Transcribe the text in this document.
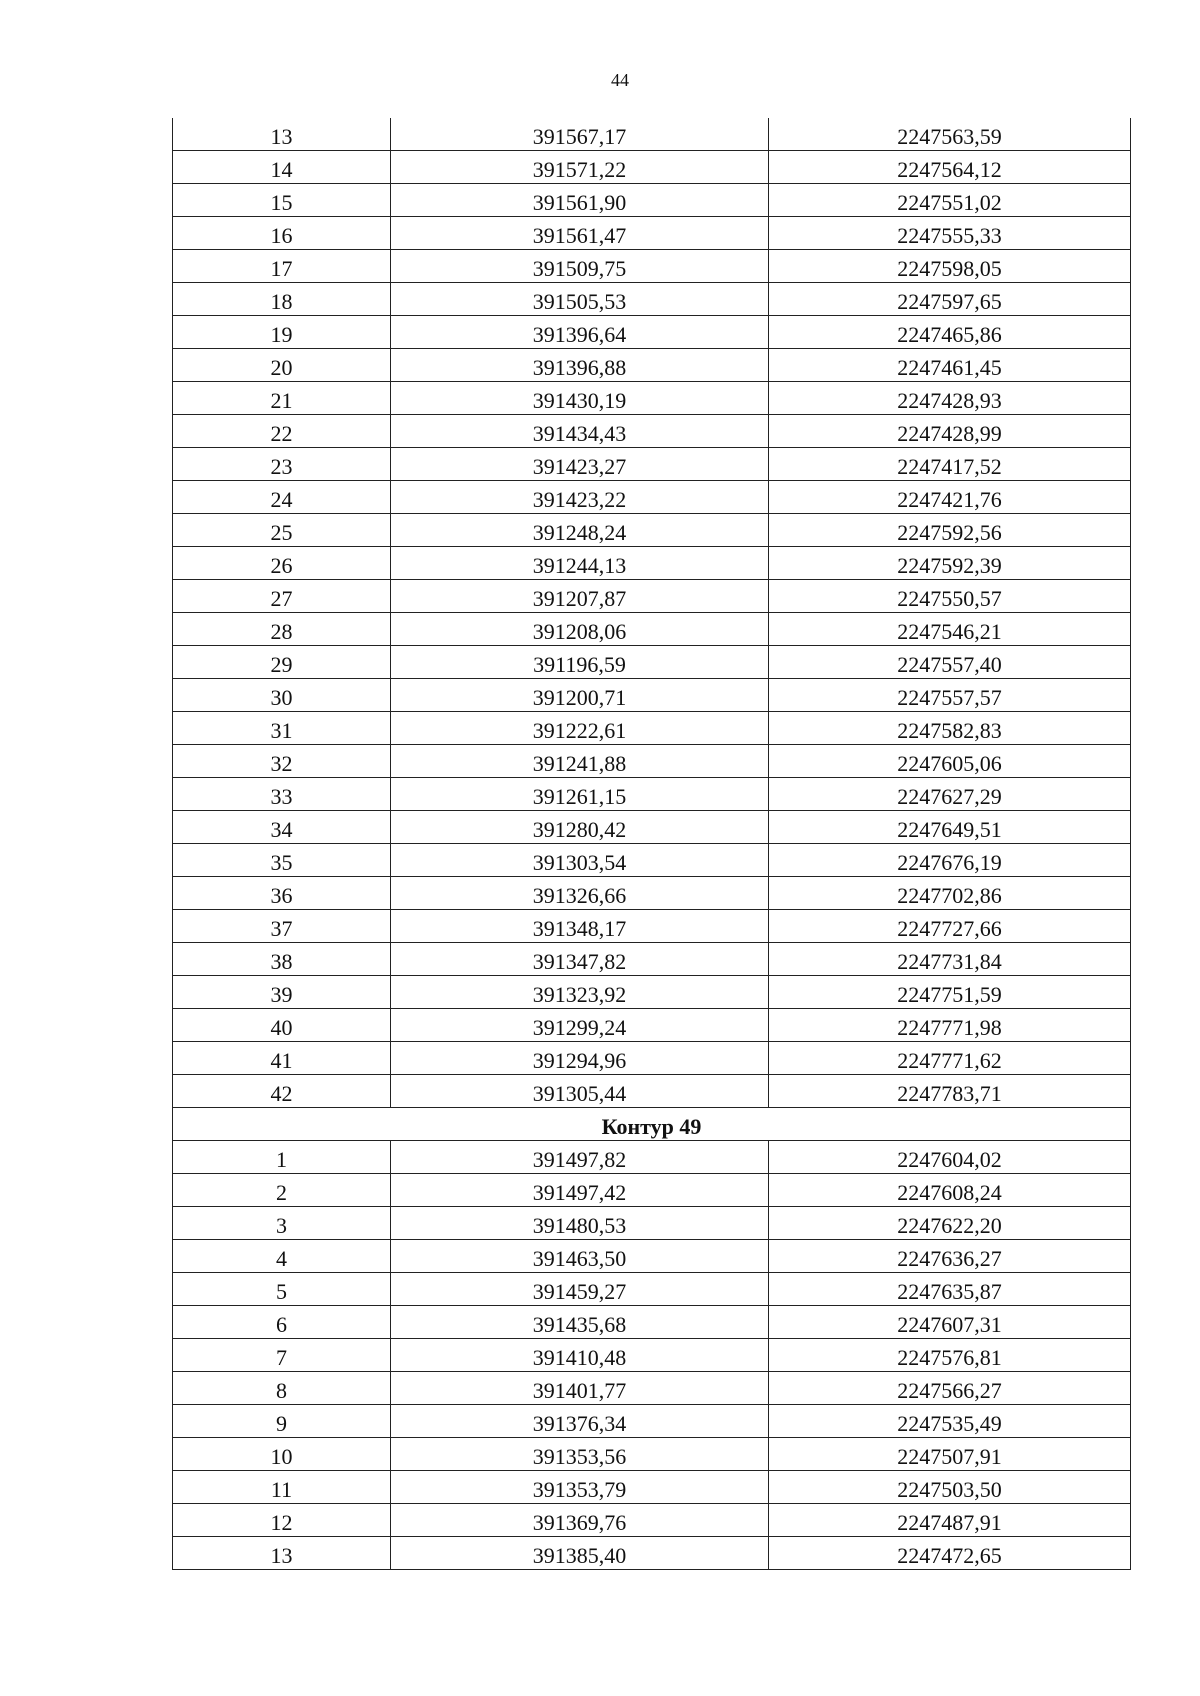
44
13	391567,17	2247563,59
14	391571,22	2247564,12
15	391561,90	2247551,02
16	391561,47	2247555,33
17	391509,75	2247598,05
18	391505,53	2247597,65
19	391396,64	2247465,86
20	391396,88	2247461,45
21	391430,19	2247428,93
22	391434,43	2247428,99
23	391423,27	2247417,52
24	391423,22	2247421,76
25	391248,24	2247592,56
26	391244,13	2247592,39
27	391207,87	2247550,57
28	391208,06	2247546,21
29	391196,59	2247557,40
30	391200,71	2247557,57
31	391222,61	2247582,83
32	391241,88	2247605,06
33	391261,15	2247627,29
34	391280,42	2247649,51
35	391303,54	2247676,19
36	391326,66	2247702,86
37	391348,17	2247727,66
38	391347,82	2247731,84
39	391323,92	2247751,59
40	391299,24	2247771,98
41	391294,96	2247771,62
42	391305,44	2247783,71
Контур 49		
1	391497,82	2247604,02
2	391497,42	2247608,24
3	391480,53	2247622,20
4	391463,50	2247636,27
5	391459,27	2247635,87
6	391435,68	2247607,31
7	391410,48	2247576,81
8	391401,77	2247566,27
9	391376,34	2247535,49
10	391353,56	2247507,91
11	391353,79	2247503,50
12	391369,76	2247487,91
13	391385,40	2247472,65
